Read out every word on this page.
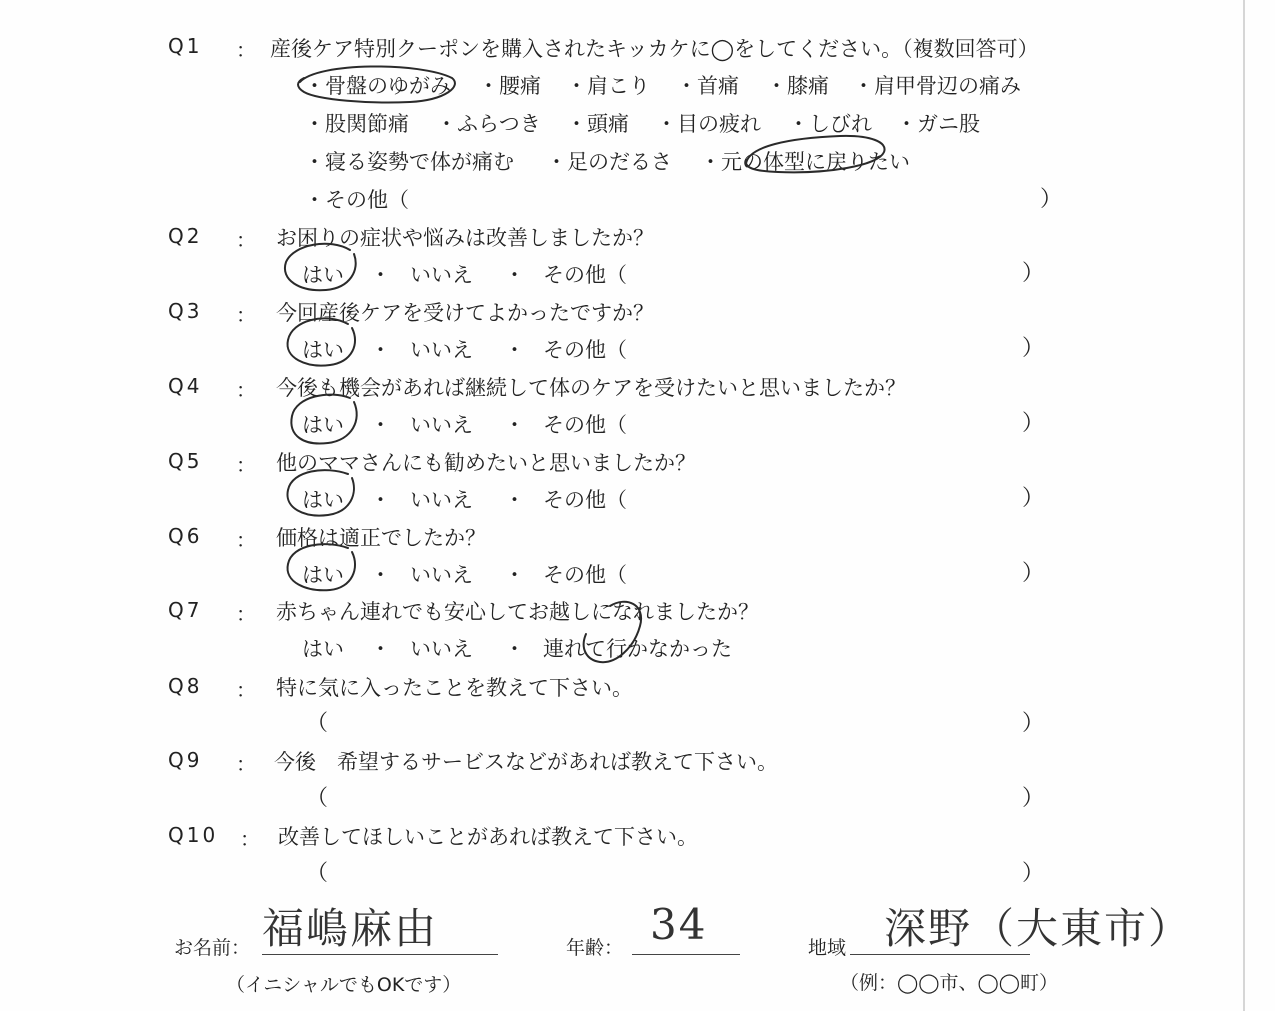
Q1 ： 産後ケア特別クーポンを購入されたキッカケに◯をしてください。（複数回答可）
・骨盤のゆがみ ・腰痛 ・肩こり ・首痛 ・膝痛 ・肩甲骨辺の痛み
・股関節痛 ・ふらつき ・頭痛 ・目の疲れ ・しびれ ・ガニ股
・寝る姿勢で体が痛む ・足のだるさ ・元の体型に戻りたい
・その他（	）
Q2 ： お困りの症状や悩みは改善しましたか？
はい ・ いいえ ・ その他（	）
Q3 ： 今回産後ケアを受けてよかったですか？
はい ・ いいえ ・ その他（	）
Q4 ： 今後も機会があれば継続して体のケアを受けたいと思いましたか？
はい ・ いいえ ・ その他（	）
Q5 ： 他のママさんにも勧めたいと思いましたか？
はい ・ いいえ ・ その他（	）
Q6 ： 価格は適正でしたか？
はい ・ いいえ ・ その他（	）
Q7 ： 赤ちゃん連れでも安心してお越しになれましたか？
はい ・ いいえ ・ 連れて行かなかった
Q8 ： 特に気に入ったことを教えて下さい。
（	）
Q9 ： 今後　希望するサービスなどがあれば教えて下さい。
（	）
Q10 ： 改善してほしいことがあれば教えて下さい。
（	）
お名前： 福嶋麻由
（イニシャルでもOKです）
年齢： 34	地域 深野（大東市）
（例：◯◯市、◯◯町）
